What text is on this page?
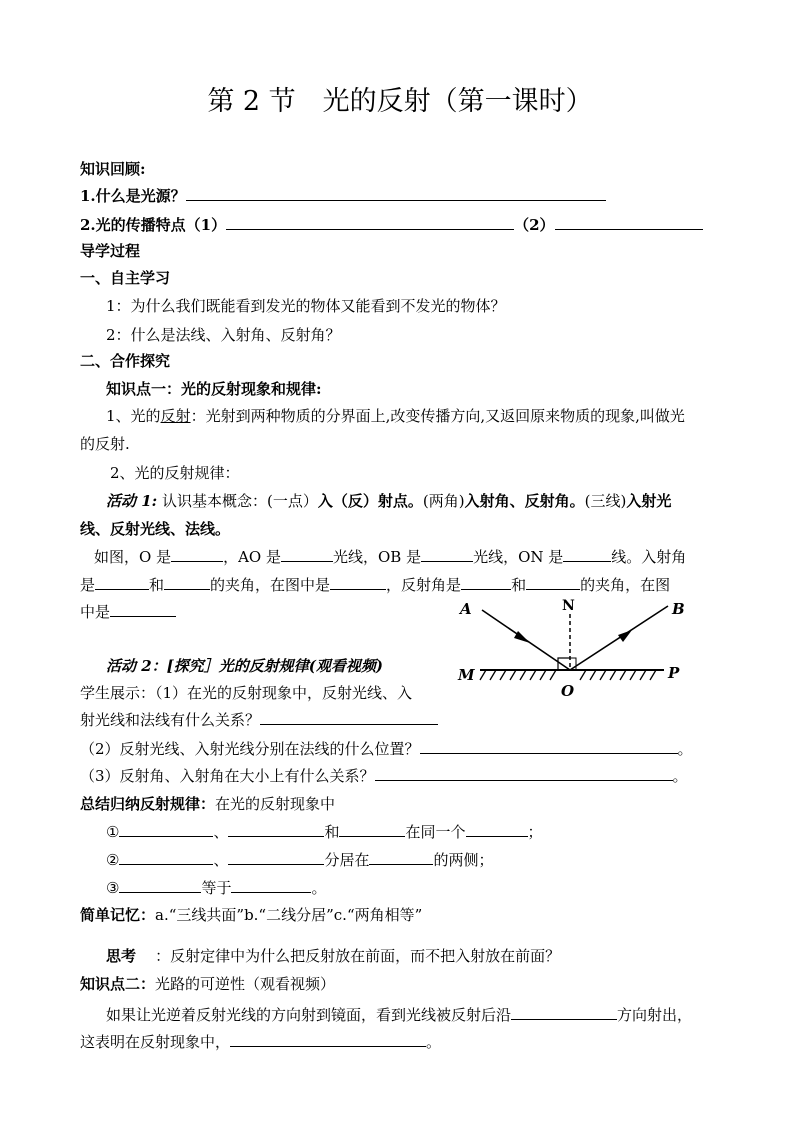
第 2 节　光的反射（第一课时）
知识回顾:
1.什么是光源？
2.光的传播特点（1）	（2）
导学过程
一、自主学习
1：为什么我们既能看到发光的物体又能看到不发光的物体？
2：什么是法线、入射角、反射角？
二、合作探究
知识点一：光的反射现象和规律:
1、光的反射：光射到两种物质的分界面上,改变传播方向,又返回原来物质的现象,叫做光
的反射.
2、光的反射规律：
活动 1: 认识基本概念：(一点）入（反）射点。(两角)入射角、反射角。(三线)入射光
线、反射光线、法线。
如图，O 是	，AO 是	光线，OB 是	光线，ON 是	线。入射角
是	和	的夹角，在图中是	，反射角是	和	的夹角，在图
中是	A	N	B
M
O
P
活动 2：[探究］光的反射规律(观看视频)
学生展示：（1）在光的反射现象中，反射光线、入
射光线和法线有什么关系？
（2）反射光线、入射光线分别在法线的什么位置？	。
（3）反射角、入射角在大小上有什么关系？	。
总结归纳反射规律：在光的反射现象中
①	、	和	在同一个	；
②	、	分居在	的两侧；
③	等于	。
简单记忆：a.“三线共面”b.“二线分居”c.“两角相等”
思考 ：反射定律中为什么把反射放在前面，而不把入射放在前面？
知识点二：光路的可逆性（观看视频）
如果让光逆着反射光线的方向射到镜面，看到光线被反射后沿	方向射出，
这表明在反射现象中，	。
